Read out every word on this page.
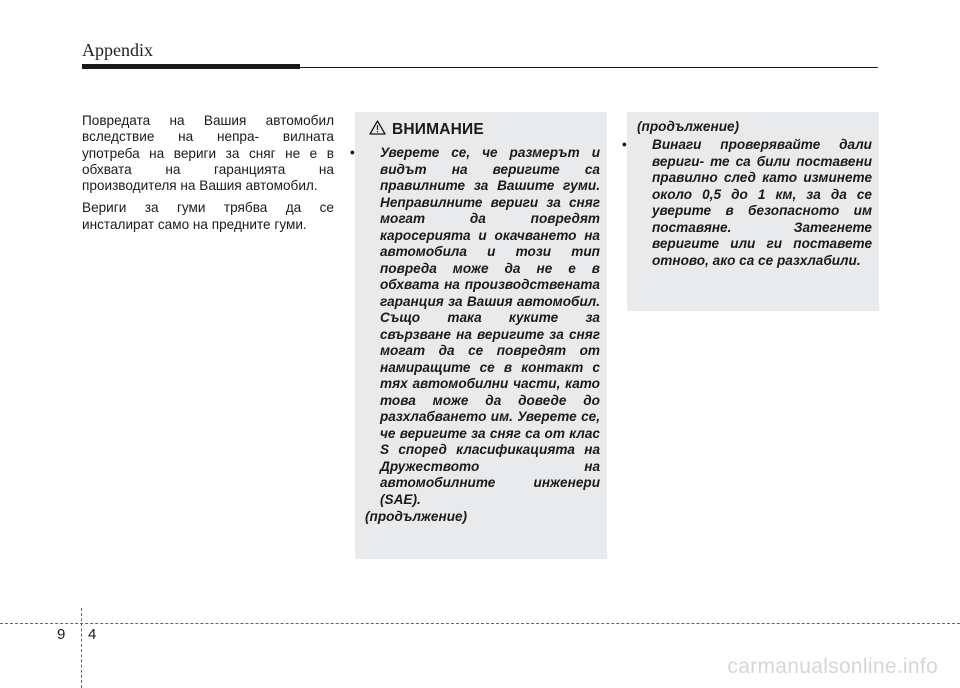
Appendix

Повредата на Вашия автомобил вследствие на непра- вилната употреба на вериги за сняг не е в обхвата на гаранцията на производителя на Вашия автомобил.

Вериги за гуми трябва да се инсталират само на предните гуми.

ВНИМАНИЕ
• Уверете се, че размерът и видът на веригите са правилните за Вашите гуми. Неправилните вериги за сняг могат да повредят каросерията и окачването на автомобила и този тип повреда може да не е в обхвата на производствената гаранция за Вашия автомобил. Също така куките за свързване на веригите за сняг могат да се повредят от намиращите се в контакт с тях автомобилни части, като това може да доведе до разхлабването им. Уверете се, че веригите за сняг са от клас S според класификацията на Дружеството на автомобилните инженери (SAE).
(продължение)
(продължение)
• Винаги проверявайте дали вериги- те са били поставени правилно след като изминете около 0,5 до 1 км, за да се уверите в безопасното им поставяне. Затегнете веригите или ги поставете отново, ако са се разхлабили.
9 4
carmanualsonline.info
